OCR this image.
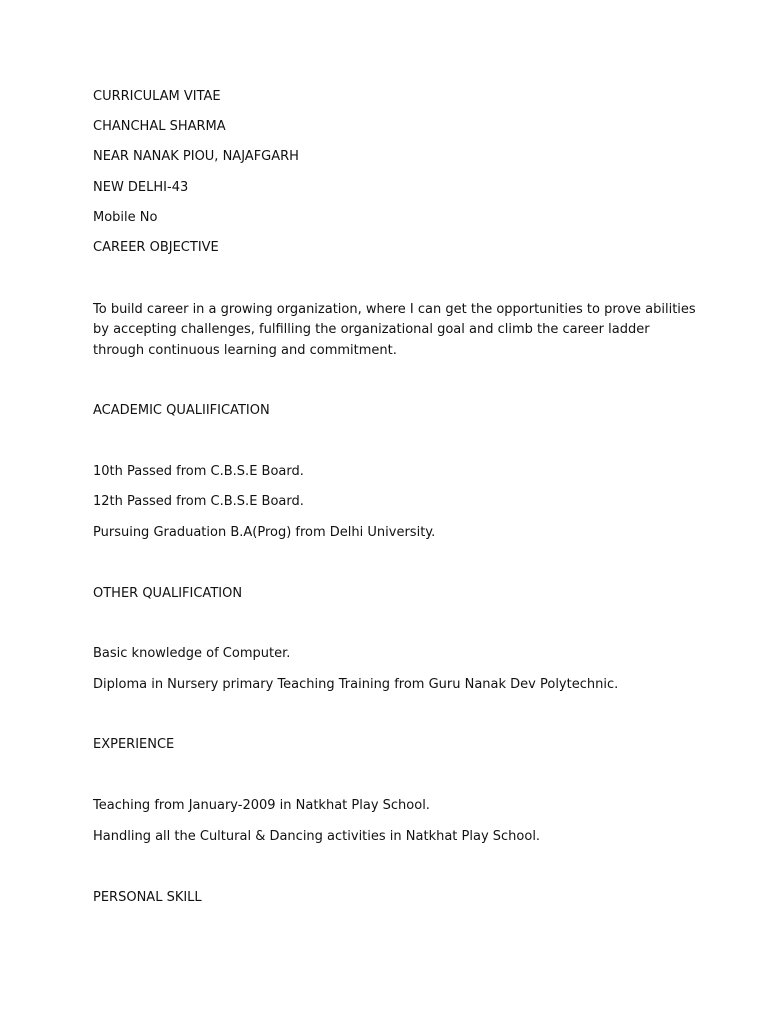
CURRICULAM VITAE

CHANCHAL SHARMA

NEAR NANAK PIOU, NAJAFGARH

NEW DELHI-43

Mobile No

CAREER OBJECTIVE

To build career in a growing organization, where I can get the opportunities to prove abilities

by accepting challenges, fulfilling the organizational goal and climb the career ladder

through continuous learning and commitment.

ACADEMIC QUALIIFICATION

10th Passed from C.B.S.E Board.

12th Passed from C.B.S.E Board.

Pursuing Graduation B.A(Prog) from Delhi University.

OTHER QUALIFICATION

Basic knowledge of Computer.

Diploma in Nursery primary Teaching Training from Guru Nanak Dev Polytechnic.

EXPERIENCE

Teaching from January-2009 in Natkhat Play School.

Handling all the Cultural & Dancing activities in Natkhat Play School.

PERSONAL SKILL
